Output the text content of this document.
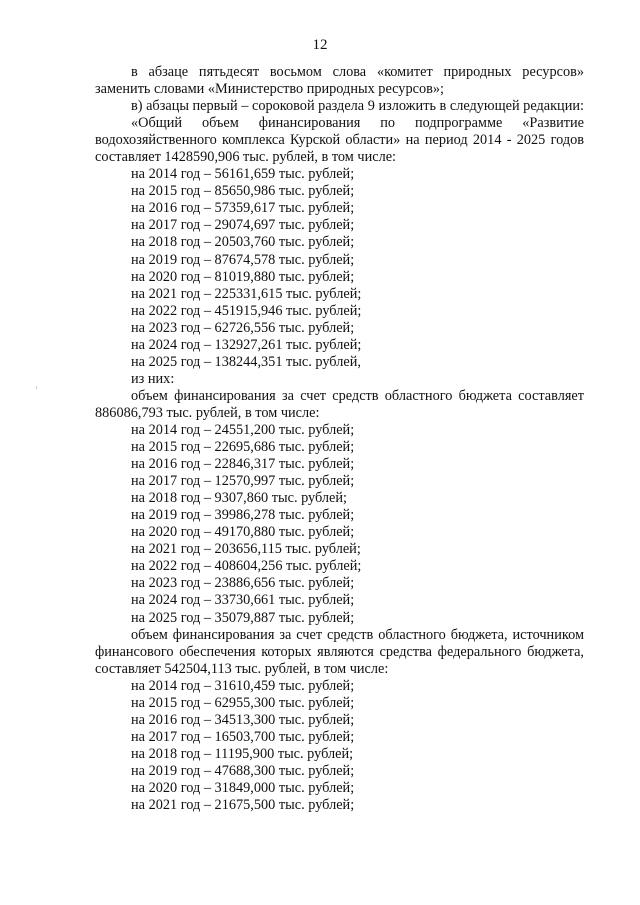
12

в абзаце пятьдесят восьмом слова «комитет природных ресурсов» заменить словами «Министерство природных ресурсов»;

в) абзацы первый – сороковой раздела 9 изложить в следующей редакции:

«Общий объем финансирования по подпрограмме «Развитие водохозяйственного комплекса Курской области» на период 2014 - 2025 годов составляет 1428590,906 тыс. рублей, в том числе:

на 2014 год – 56161,659 тыс. рублей;
на 2015 год – 85650,986 тыс. рублей;
на 2016 год – 57359,617 тыс. рублей;
на 2017 год – 29074,697 тыс. рублей;
на 2018 год – 20503,760 тыс. рублей;
на 2019 год – 87674,578 тыс. рублей;
на 2020 год – 81019,880 тыс. рублей;
на 2021 год – 225331,615 тыс. рублей;
на 2022 год – 451915,946 тыс. рублей;
на 2023 год – 62726,556 тыс. рублей;
на 2024 год – 132927,261 тыс. рублей;
на 2025 год – 138244,351 тыс. рублей,
из них:

объем финансирования за счет средств областного бюджета составляет 886086,793 тыс. рублей, в том числе:

на 2014 год – 24551,200 тыс. рублей;
на 2015 год – 22695,686 тыс. рублей;
на 2016 год – 22846,317 тыс. рублей;
на 2017 год – 12570,997 тыс. рублей;
на 2018 год – 9307,860 тыс. рублей;
на 2019 год – 39986,278 тыс. рублей;
на 2020 год – 49170,880 тыс. рублей;
на 2021 год – 203656,115 тыс. рублей;
на 2022 год – 408604,256 тыс. рублей;
на 2023 год – 23886,656 тыс. рублей;
на 2024 год – 33730,661 тыс. рублей;
на 2025 год – 35079,887 тыс. рублей;

объем финансирования за счет средств областного бюджета, источником финансового обеспечения которых являются средства федерального бюджета, составляет 542504,113 тыс. рублей, в том числе:

на 2014 год – 31610,459 тыс. рублей;
на 2015 год – 62955,300 тыс. рублей;
на 2016 год – 34513,300 тыс. рублей;
на 2017 год – 16503,700 тыс. рублей;
на 2018 год – 11195,900 тыс. рублей;
на 2019 год – 47688,300 тыс. рублей;
на 2020 год – 31849,000 тыс. рублей;
на 2021 год – 21675,500 тыс. рублей;
